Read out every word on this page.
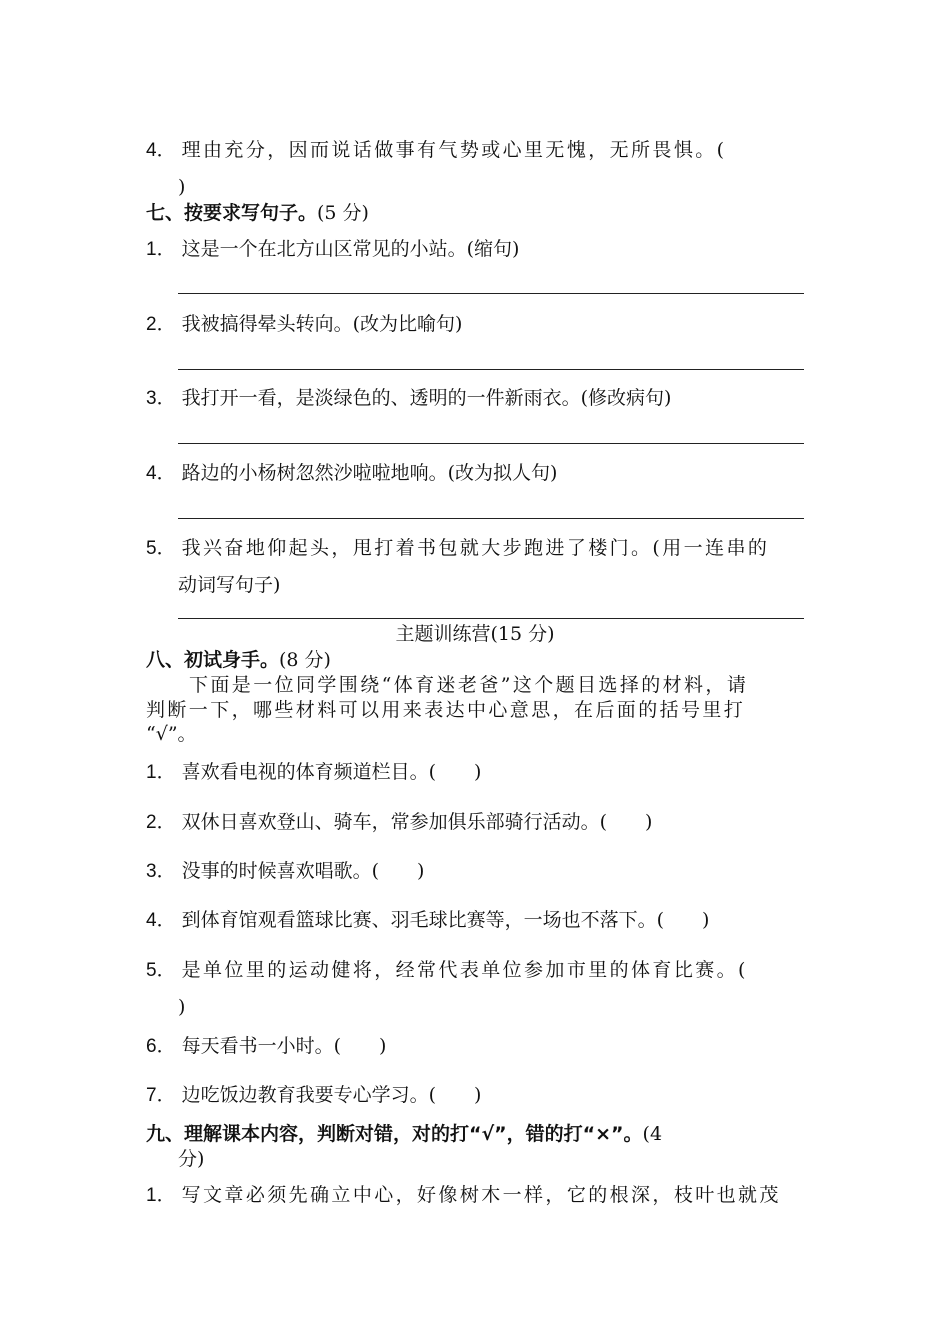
4． 理由充分，因而说话做事有气势或心里无愧，无所畏惧。(
)
七、按要求写句子。(5 分)
1． 这是一个在北方山区常见的小站。(缩句)
2． 我被搞得晕头转向。(改为比喻句)
3． 我打开一看，是淡绿色的、透明的一件新雨衣。(修改病句)
4． 路边的小杨树忽然沙啦啦地响。(改为拟人句)
5． 我兴奋地仰起头，甩打着书包就大步跑进了楼门。(用一连串的
动词写句子)
主题训练营(15 分)
八、初试身手。(8 分)
下面是一位同学围绕“体育迷老爸”这个题目选择的材料，请
判断一下，哪些材料可以用来表达中心意思，在后面的括号里打
“√”。
1． 喜欢看电视的体育频道栏目。(　　)
2． 双休日喜欢登山、骑车，常参加俱乐部骑行活动。(　　)
3． 没事的时候喜欢唱歌。(　　)
4． 到体育馆观看篮球比赛、羽毛球比赛等，一场也不落下。(　　)
5． 是单位里的运动健将，经常代表单位参加市里的体育比赛。(
)
6． 每天看书一小时。(　　)
7． 边吃饭边教育我要专心学习。(　　)
九、理解课本内容，判断对错，对的打“√”，错的打“×”。(4
分)
1． 写文章必须先确立中心，好像树木一样，它的根深，枝叶也就茂
